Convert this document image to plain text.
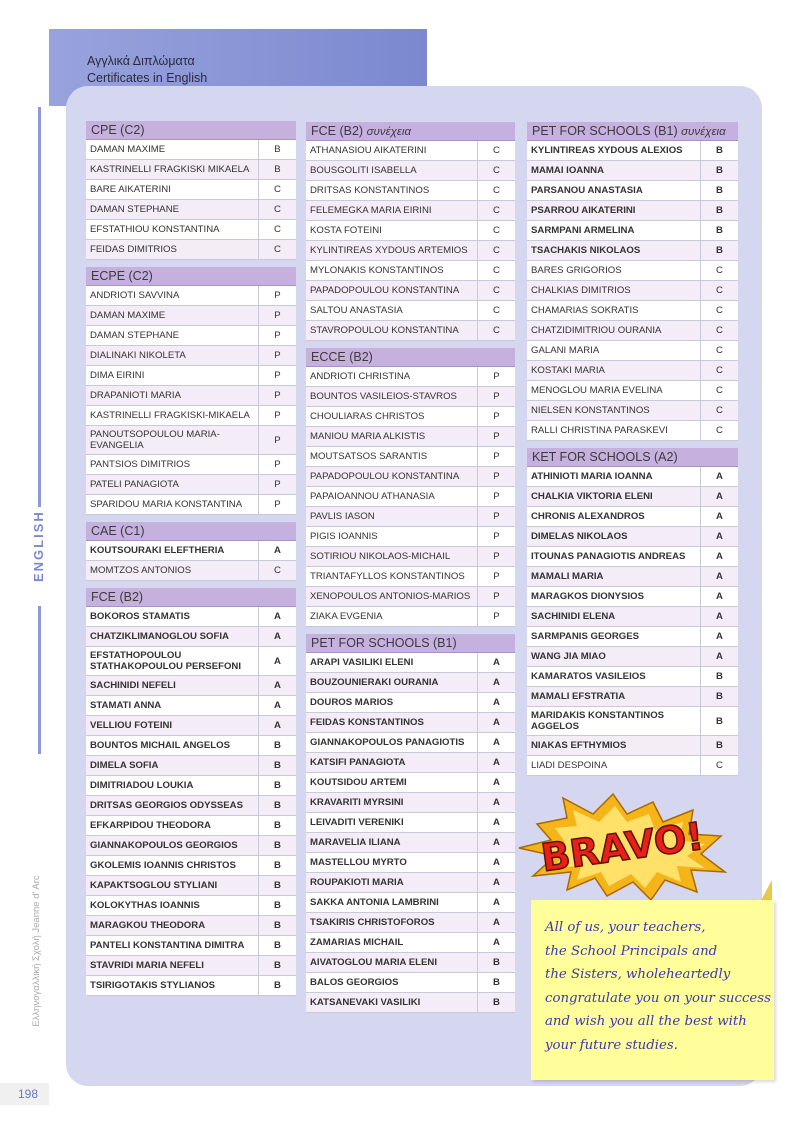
Αγγλικά Διπλώματα
Certificates in English
ENGLISH
Ελληνογαλλική Σχολή Jeanne d' Arc
198
CPE (C2)
DAMAN MAXIME	B
KASTRINELLI FRAGKISKI MIKAELA	B
BARE AIKATERINI	C
DAMAN STEPHANE	C
EFSTATHIOU KONSTANTINA	C
FEIDAS DIMITRIOS	C
ECPE (C2)
ANDRIOTI SAVVINA	P
DAMAN MAXIME	P
DAMAN STEPHANE	P
DIALINAKI NIKOLETA	P
DIMA EIRINI	P
DRAPANIOTI MARIA	P
KASTRINELLI FRAGKISKI-MIKAELA	P
PANOUTSOPOULOU MARIA-EVANGELIA	P
PANTSIOS DIMITRIOS	P
PATELI PANAGIOTA	P
SPARIDOU MARIA KONSTANTINA	P
CAE (C1)
KOUTSOURAKI ELEFTHERIA	A
MOMTZOS ANTONIOS	C
FCE (B2)
BOKOROS STAMATIS	A
CHATZIKLIMANOGLOU SOFIA	A
EFSTATHOPOULOU STATHAKOPOULOU PERSEFONI	A
SACHINIDI NEFELI	A
STAMATI ANNA	A
VELLIOU FOTEINI	A
BOUNTOS MICHAIL ANGELOS	B
DIMELA SOFIA	B
DIMITRIADOU LOUKIA	B
DRITSAS GEORGIOS ODYSSEAS	B
EFKARPIDOU THEODORA	B
GIANNAKOPOULOS GEORGIOS	B
GKOLEMIS IOANNIS CHRISTOS	B
KAPAKTSOGLOU STYLIANI	B
KOLOKYTHAS IOANNIS	B
MARAGKOU THEODORA	B
PANTELI KONSTANTINA DIMITRA	B
STAVRIDI MARIA NEFELI	B
TSIRIGOTAKIS STYLIANOS	B
FCE (B2) συνέχεια
ATHANASIOU AIKATERINI	C
BOUSGOLITI ISABELLA	C
DRITSAS KONSTANTINOS	C
FELEMEGKA MARIA EIRINI	C
KOSTA FOTEINI	C
KYLINTIREAS XYDOUS ARTEMIOS	C
MYLONAKIS KONSTANTINOS	C
PAPADOPOULOU KONSTANTINA	C
SALTOU ANASTASIA	C
STAVROPOULOU KONSTANTINA	C
ECCE (B2)
ANDRIOTI CHRISTINA	P
BOUNTOS VASILEIOS-STAVROS	P
CHOULIARAS CHRISTOS	P
MANIOU MARIA ALKISTIS	P
MOUTSATSOS SARANTIS	P
PAPADOPOULOU KONSTANTINA	P
PAPAIOANNOU ATHANASIA	P
PAVLIS IASON	P
PIGIS IOANNIS	P
SOTIRIOU NIKOLAOS-MICHAIL	P
TRIANTAFYLLOS KONSTANTINOS	P
XENOPOULOS ANTONIOS-MARIOS	P
ZIAKA EVGENIA	P
PET FOR SCHOOLS (B1)
ARAPI VASILIKI ELENI	A
BOUZOUNIERAKI OURANIA	A
DOUROS MARIOS	A
FEIDAS KONSTANTINOS	A
GIANNAKOPOULOS PANAGIOTIS	A
KATSIFI PANAGIOTA	A
KOUTSIDOU ARTEMI	A
KRAVARITI MYRSINI	A
LEIVADITI VERENIKI	A
MARAVELIA ILIANA	A
MASTELLOU MYRTO	A
ROUPAKIOTI MARIA	A
SAKKA ANTONIA LAMBRINI	A
TSAKIRIS CHRISTOFOROS	A
ZAMARIAS MICHAIL	A
AIVATOGLOU MARIA ELENI	B
BALOS GEORGIOS	B
KATSANEVAKI VASILIKI	B
PET FOR SCHOOLS (B1) συνέχεια
KYLINTIREAS XYDOUS ALEXIOS	B
MAMAI IOANNA	B
PARSANOU ANASTASIA	B
PSARROU AIKATERINI	B
SARMPANI ARMELINA	B
TSACHAKIS NIKOLAOS	B
BARES GRIGORIOS	C
CHALKIAS DIMITRIOS	C
CHAMARIAS SOKRATIS	C
CHATZIDIMITRIOU OURANIA	C
GALANI MARIA	C
KOSTAKI MARIA	C
MENOGLOU MARIA EVELINA	C
NIELSEN KONSTANTINOS	C
RALLI CHRISTINA PARASKEVI	C
KET FOR SCHOOLS (A2)
ATHINIOTI MARIA IOANNA	A
CHALKIA VIKTORIA ELENI	A
CHRONIS ALEXANDROS	A
DIMELAS NIKOLAOS	A
ITOUNAS PANAGIOTIS ANDREAS	A
MAMALI MARIA	A
MARAGKOS DIONYSIOS	A
SACHINIDI ELENA	A
SARMPANIS GEORGES	A
WANG JIA MIAO	A
KAMARATOS VASILEIOS	B
MAMALI EFSTRATIA	B
MARIDAKIS KONSTANTINOS AGGELOS	B
NIAKAS EFTHYMIOS	B
LIADI DESPOINA	C
BRAVO!

All of us, your teachers,

the School Principals and

the Sisters, wholeheartedly

congratulate you on your success

and wish you all the best with

your future studies.
